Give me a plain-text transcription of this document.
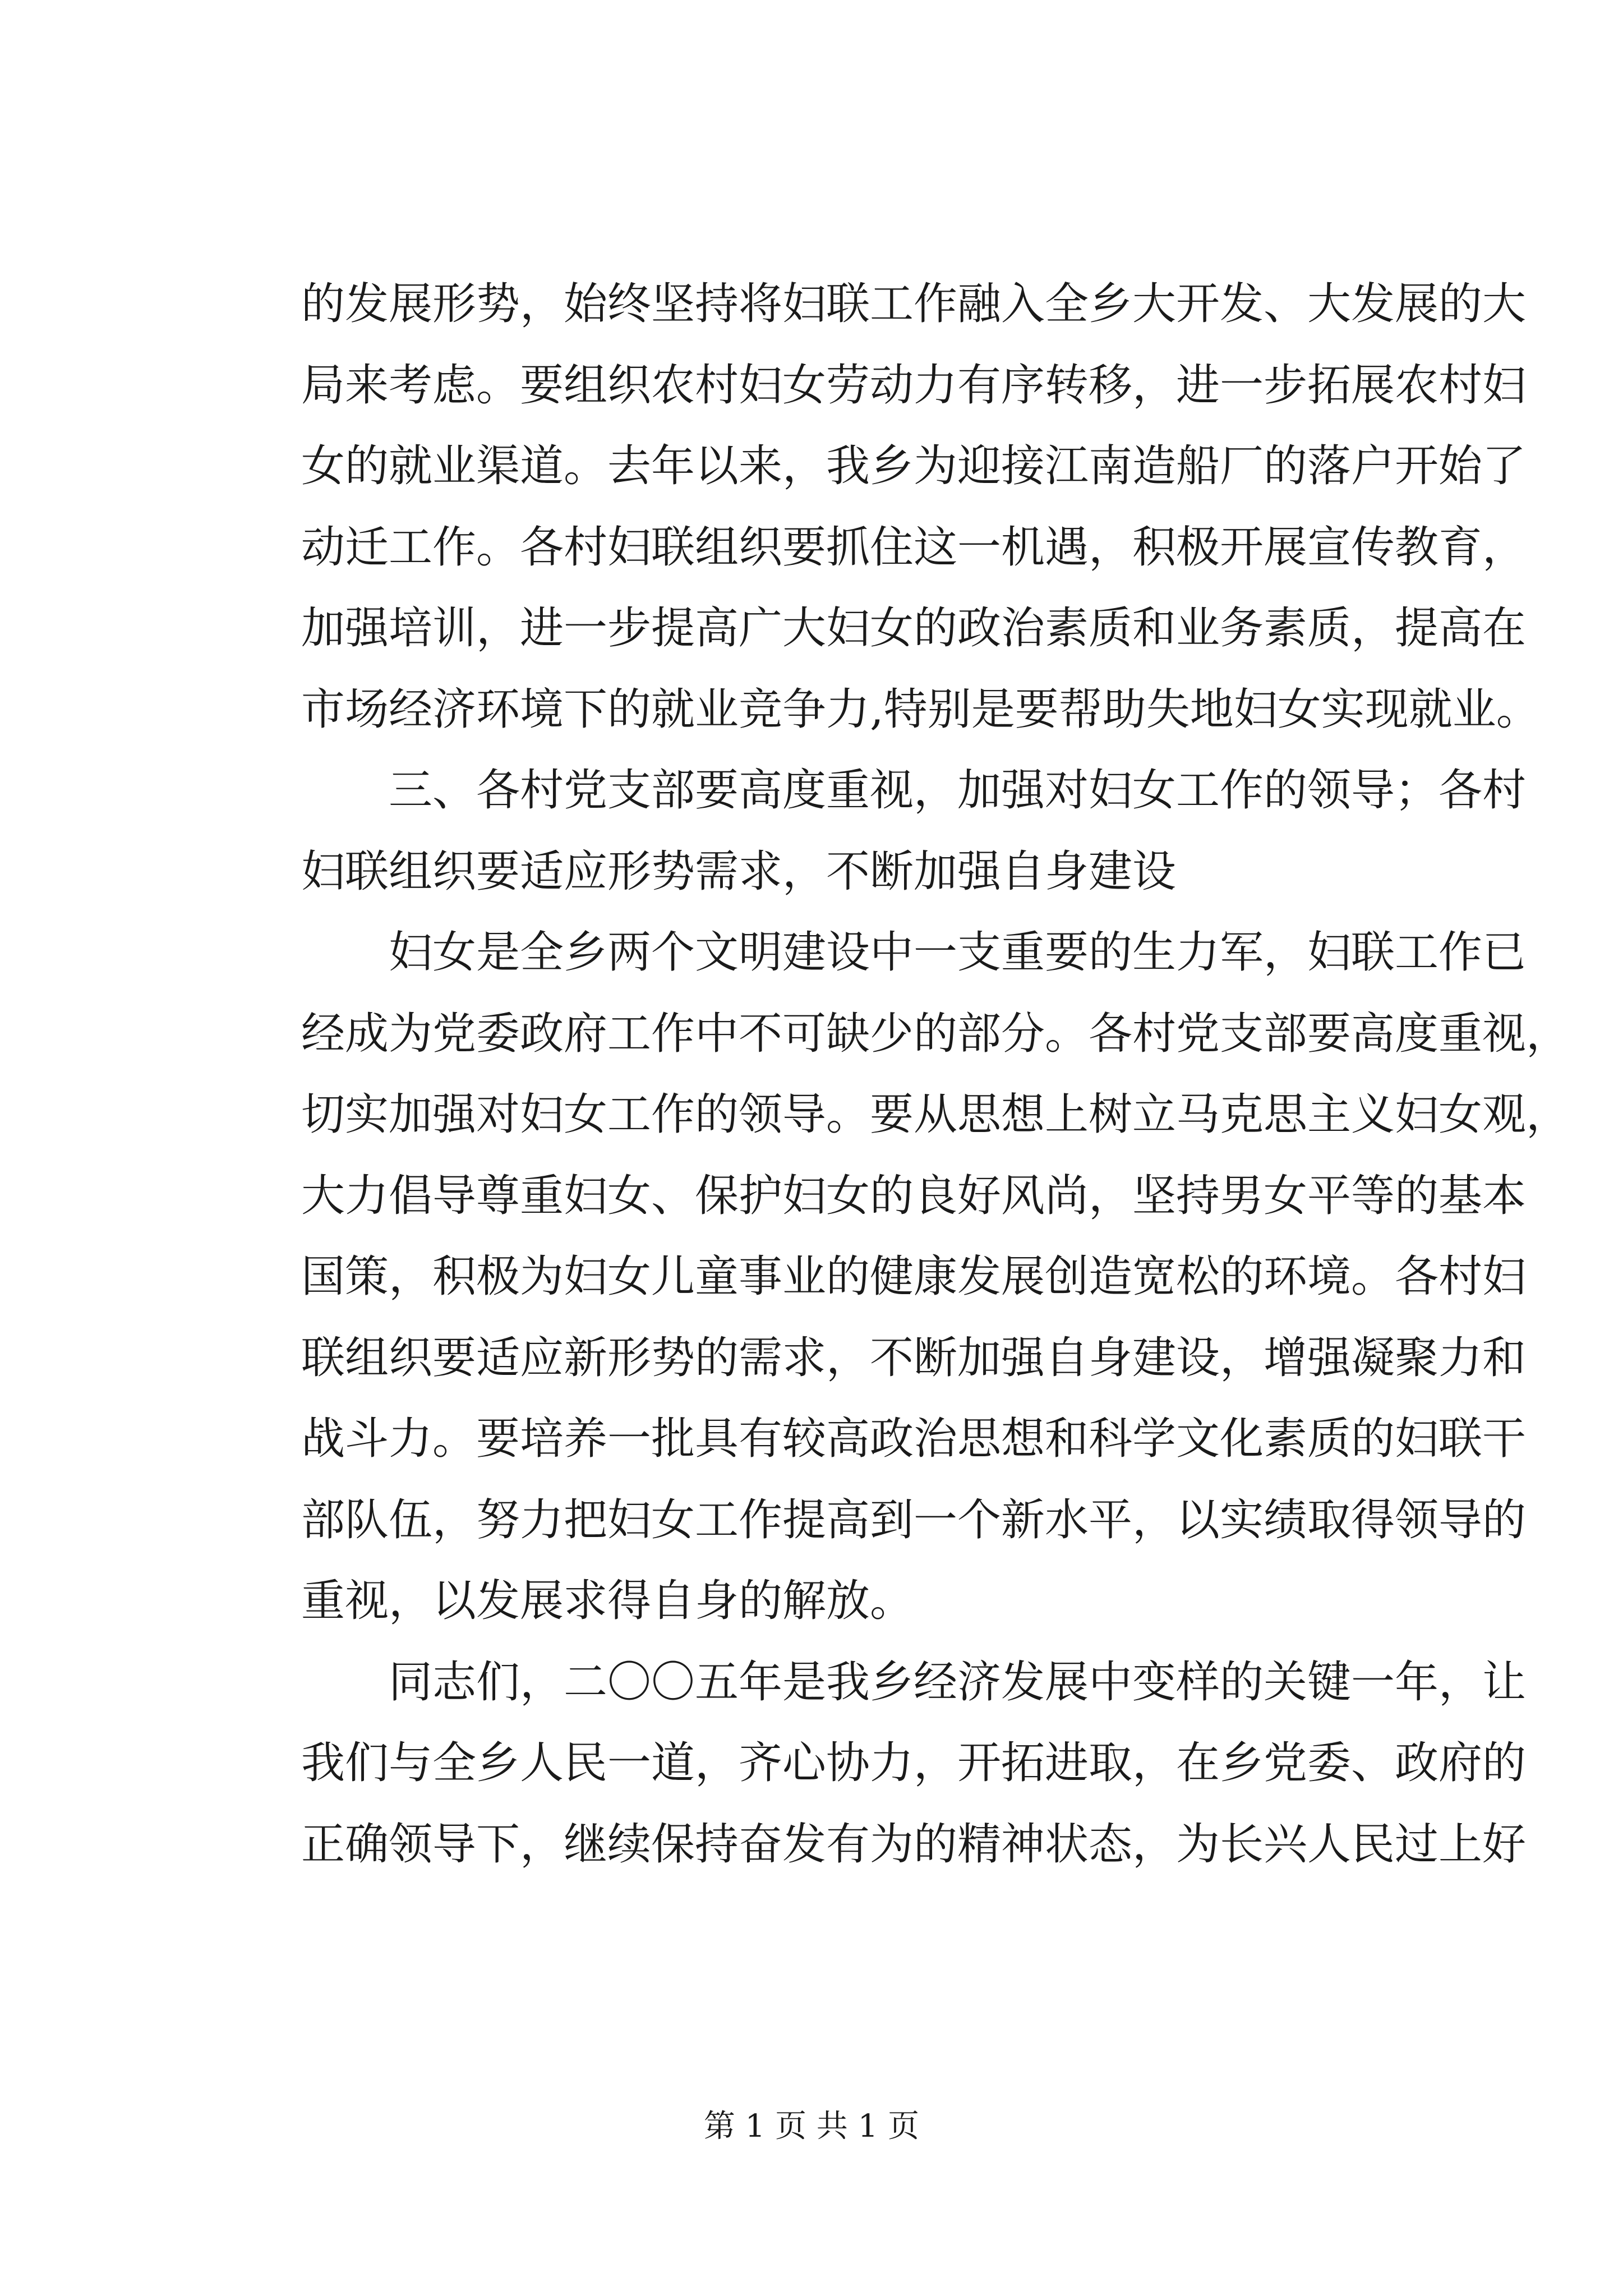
的发展形势，始终坚持将妇联工作融入全乡大开发、大发展的大
局来考虑。要组织农村妇女劳动力有序转移，进一步拓展农村妇
女的就业渠道。去年以来，我乡为迎接江南造船厂的落户开始了
动迁工作。各村妇联组织要抓住这一机遇，积极开展宣传教育，
加强培训，进一步提高广大妇女的政治素质和业务素质，提高在
市场经济环境下的就业竞争力,特别是要帮助失地妇女实现就业。
　　三、各村党支部要高度重视，加强对妇女工作的领导；各村
妇联组织要适应形势需求，不断加强自身建设
　　妇女是全乡两个文明建设中一支重要的生力军，妇联工作已
经成为党委政府工作中不可缺少的部分。各村党支部要高度重视，
切实加强对妇女工作的领导。要从思想上树立马克思主义妇女观，
大力倡导尊重妇女、保护妇女的良好风尚，坚持男女平等的基本
国策，积极为妇女儿童事业的健康发展创造宽松的环境。各村妇
联组织要适应新形势的需求，不断加强自身建设，增强凝聚力和
战斗力。要培养一批具有较高政治思想和科学文化素质的妇联干
部队伍，努力把妇女工作提高到一个新水平，以实绩取得领导的
重视，以发展求得自身的解放。
　　同志们，二〇〇五年是我乡经济发展中变样的关键一年，让
我们与全乡人民一道，齐心协力，开拓进取，在乡党委、政府的
正确领导下，继续保持奋发有为的精神状态，为长兴人民过上好
第 1 页 共 1 页
